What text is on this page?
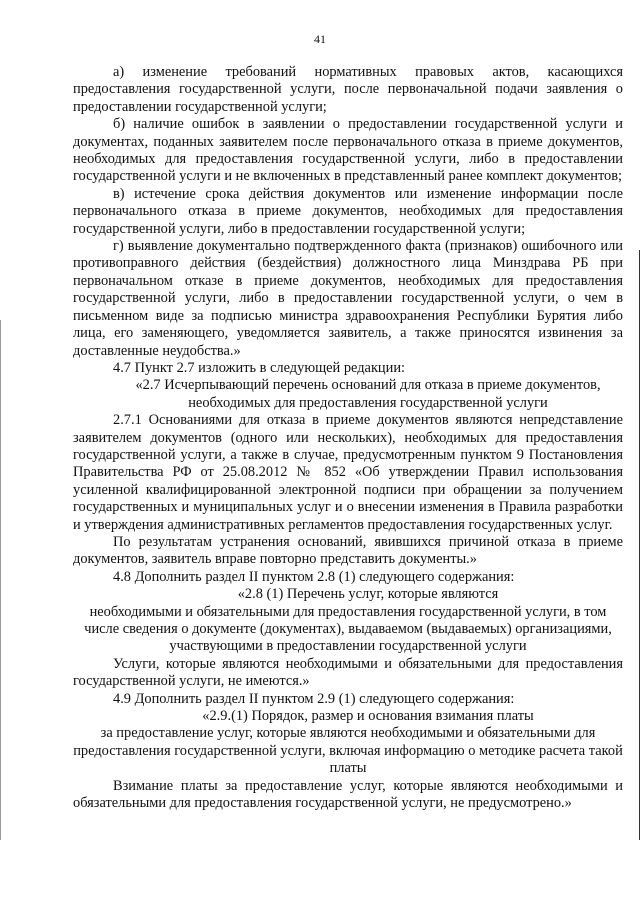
41

а) изменение требований нормативных правовых актов, касающихся предоставления государственной услуги, после первоначальной подачи заявления о предоставлении государственной услуги;

б) наличие ошибок в заявлении о предоставлении государственной услуги и документах, поданных заявителем после первоначального отказа в приеме документов, необходимых для предоставления государственной услуги, либо в предоставлении государственной услуги и не включенных в представленный ранее комплект документов;

в) истечение срока действия документов или изменение информации после первоначального отказа в приеме документов, необходимых для предоставления государственной услуги, либо в предоставлении государственной услуги;

г) выявление документально подтвержденного факта (признаков) ошибочного или противоправного действия (бездействия) должностного лица Минздрава РБ при первоначальном отказе в приеме документов, необходимых для предоставления государственной услуги, либо в предоставлении государственной услуги, о чем в письменном виде за подписью министра здравоохранения Республики Бурятия либо лица, его заменяющего, уведомляется заявитель, а также приносятся извинения за доставленные неудобства.»

4.7 Пункт 2.7 изложить в следующей редакции:

«2.7 Исчерпывающий перечень оснований для отказа в приеме документов, необходимых для предоставления государственной услуги

2.7.1 Основаниями для отказа в приеме документов являются непредставление заявителем документов (одного или нескольких), необходимых для предоставления государственной услуги, а также в случае, предусмотренным пунктом 9 Постановления Правительства РФ от 25.08.2012 № 852 «Об утверждении Правил использования усиленной квалифицированной электронной подписи при обращении за получением государственных и муниципальных услуг и о внесении изменения в Правила разработки и утверждения административных регламентов предоставления государственных услуг.

По результатам устранения оснований, явившихся причиной отказа в приеме документов, заявитель вправе повторно представить документы.»

4.8 Дополнить раздел II пунктом 2.8 (1) следующего содержания:

«2.8 (1) Перечень услуг, которые являются

необходимыми и обязательными для предоставления государственной услуги, в том числе сведения о документе (документах), выдаваемом (выдаваемых) организациями, участвующими в предоставлении государственной услуги

Услуги, которые являются необходимыми и обязательными для предоставления государственной услуги, не имеются.»

4.9 Дополнить раздел II пунктом 2.9 (1) следующего содержания:

«2.9.(1) Порядок, размер и основания взимания платы

за предоставление услуг, которые являются необходимыми и обязательными для предоставления государственной услуги, включая информацию о методике расчета такой платы

Взимание платы за предоставление услуг, которые являются необходимыми и обязательными для предоставления государственной услуги, не предусмотрено.»
